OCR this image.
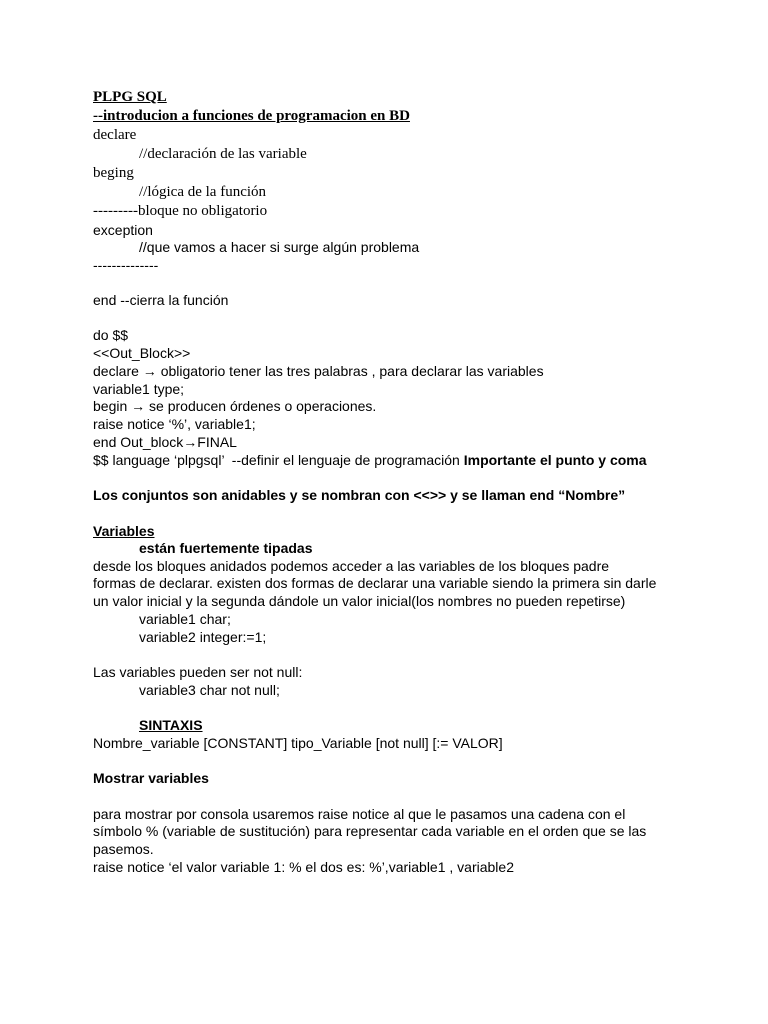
PLPG SQL
--introducion a funciones de programacion en BD
declare
//declaración de las variable
beging
//lógica de la función
---------bloque no obligatorio
exception
//que vamos a hacer si surge algún problema
--------------
end --cierra la función
do $$
<<Out_Block>>
declare → obligatorio tener las tres palabras , para declarar las variables
variable1 type;
begin → se producen órdenes o operaciones.
raise notice ‘%’, variable1;
end Out_block→FINAL
$$ language ‘plpgsql’  --definir el lenguaje de programación Importante el punto y coma
Los conjuntos son anidables y se nombran con <<>> y se llaman end “Nombre”
Variables
están fuertemente tipadas
desde los bloques anidados podemos acceder a las variables de los bloques padre
formas de declarar. existen dos formas de declarar una variable siendo la primera sin darle
un valor inicial y la segunda dándole un valor inicial(los nombres no pueden repetirse)
variable1 char;
variable2 integer:=1;
Las variables pueden ser not null:
variable3 char not null;
SINTAXIS
Nombre_variable [CONSTANT] tipo_Variable [not null] [:= VALOR]
Mostrar variables
para mostrar por consola usaremos raise notice al que le pasamos una cadena con el
símbolo % (variable de sustitución) para representar cada variable en el orden que se las
pasemos.
raise notice ‘el valor variable 1: % el dos es: %’,variable1 , variable2
